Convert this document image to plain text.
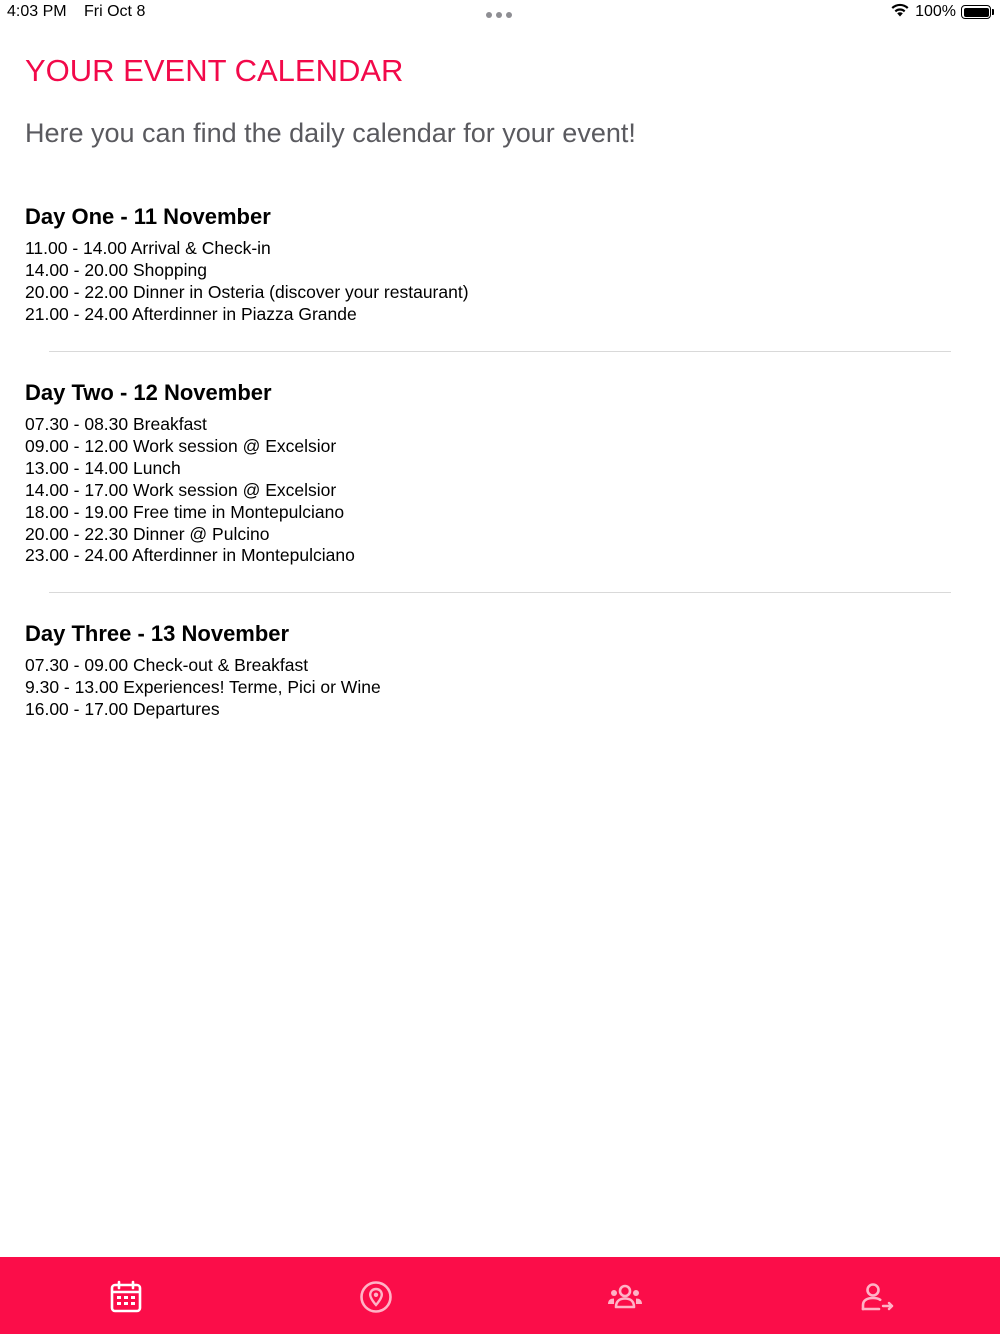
4:03 PM Fri Oct 8	100%
YOUR EVENT CALENDAR
Here you can find the daily calendar for your event!
Day One - 11 November
11.00 - 14.00 Arrival & Check-in
14.00 - 20.00 Shopping
20.00 - 22.00 Dinner in Osteria (discover your restaurant)
21.00 - 24.00 Afterdinner in Piazza Grande
Day Two - 12 November
07.30 - 08.30 Breakfast
09.00 - 12.00 Work session @ Excelsior
13.00 - 14.00 Lunch
14.00 - 17.00 Work session @ Excelsior
18.00 - 19.00 Free time in Montepulciano
20.00 - 22.30 Dinner @ Pulcino
23.00 - 24.00 Afterdinner in Montepulciano
Day Three - 13 November
07.30 - 09.00 Check-out & Breakfast
9.30 - 13.00 Experiences! Terme, Pici or Wine
16.00 - 17.00 Departures
